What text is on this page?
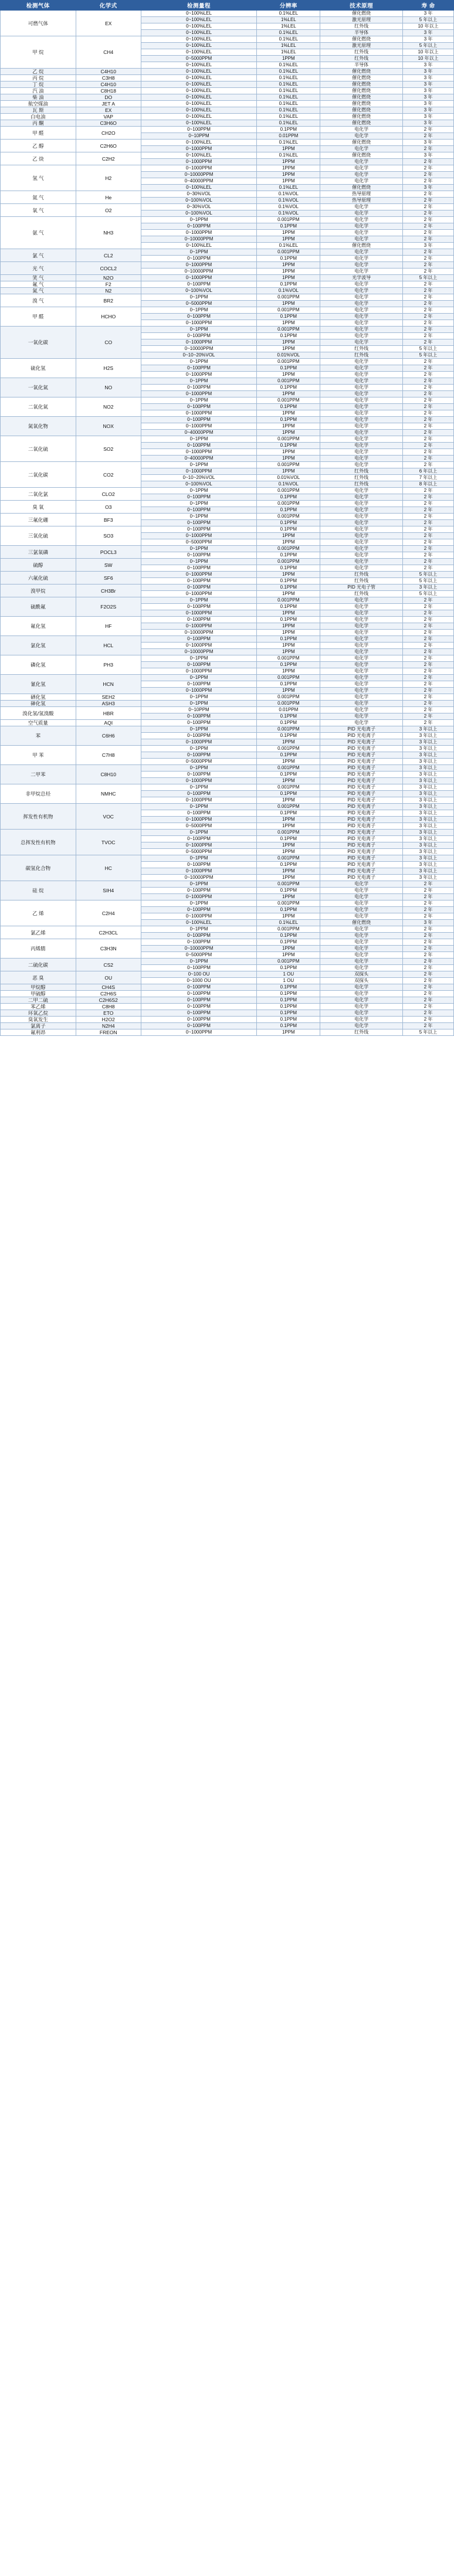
检测气体	化学式	检测量程	分辨率	技术原理	寿 命
可燃气体	EX	0~100%LEL	0.1%LEL	催化燃烧	3 年
		0~100%LEL	1%LEL	激光原理	5 年以上
		0~100%LEL	1%LEL	红外线	10 年以上
		0~100%LEL	0.1%LEL	半导体	3 年
甲 烷	CH4	0~100%LEL	0.1%LEL	催化燃烧	3 年
		0~100%LEL	1%LEL	激光原理	5 年以上
		0~100%LEL	1%LEL	红外线	10 年以上
		0~5000PPM	1PPM	红外线	10 年以上
		0~100%LEL	0.1%LEL	半导体	3 年
乙 烷	C4H10	0~100%LEL	0.1%LEL	催化燃烧	3 年
丙 烷	C3H8	0~100%LEL	0.1%LEL	催化燃烧	3 年
丁 烷	C4H10	0~100%LEL	0.1%LEL	催化燃烧	3 年
汽 油	C8H18	0~100%LEL	0.1%LEL	催化燃烧	3 年
柴 油	DO	0~100%LEL	0.1%LEL	催化燃烧	3 年
航空煤油	JET A	0~100%LEL	0.1%LEL	催化燃烧	3 年
瓦 斯	EX	0~100%LEL	0.1%LEL	催化燃烧	3 年
白电油	VAP	0~100%LEL	0.1%LEL	催化燃烧	3 年
丙 酮	C3H6O	0~100%LEL	0.1%LEL	催化燃烧	3 年
甲 醛	CH2O	0~100PPM	0.1PPM	电化学	2 年
		0~10PPM	0.01PPM	电化学	2 年
乙 醇	C2H6O	0~100%LEL	0.1%LEL	催化燃烧	3 年
		0~1000PPM	1PPM	电化学	2 年
乙 炔	C2H2	0~100%LEL	0.1%LEL	催化燃烧	3 年
		0~1000PPM	1PPM	电化学	2 年
氢 气	H2	0~1000PPM	1PPM	电化学	2 年
		0~10000PPM	1PPM	电化学	2 年
		0~40000PPM	1PPM	电化学	2 年
		0~100%LEL	0.1%LEL	催化燃烧	3 年
氦 气	He	0~30%VOL	0.1%VOL	热导原理	2 年
		0~100%VOL	0.1%VOL	热导原理	2 年
氧 气	O2	0~30%VOL	0.1%VOL	电化学	2 年
		0~100%VOL	0.1%VOL	电化学	2 年
氨 气	NH3	0~1PPM	0.001PPM	电化学	2 年
		0~100PPM	0.1PPM	电化学	2 年
		0~1000PPM	1PPM	电化学	2 年
		0~10000PPM	1PPM	电化学	2 年
		0~100%LEL	0.1%LEL	催化燃烧	3 年
氯 气	CL2	0~1PPM	0.001PPM	电化学	2 年
		0~100PPM	0.1PPM	电化学	2 年
光 气	COCL2	0~1000PPM	1PPM	电化学	2 年
		0~10000PPM	1PPM	电化学	2 年
笑 气	N2O	0~1000PPM	1PPM	光学波导	5 年以上
氟 气	F2	0~100PPM	0.1PPM	电化学	2 年
氮 气	N2	0~100%VOL	0.1%VOL	电化学	2 年
溴 气	BR2	0~1PPM	0.001PPM	电化学	2 年
		0~5000PPM	1PPM	电化学	2 年
甲 醛	HCHO	0~1PPM	0.001PPM	电化学	2 年
		0~100PPM	0.1PPM	电化学	2 年
		0~1000PPM	1PPM	电化学	2 年
一氧化碳	CO	0~1PPM	0.001PPM	电化学	2 年
		0~100PPM	0.1PPM	电化学	2 年
		0~1000PPM	1PPM	电化学	2 年
		0~10000PPM	1PPM	红外线	5 年以上
		0~10~20%VOL	0.01%VOL	红外线	5 年以上
硫化氢	H2S	0~1PPM	0.001PPM	电化学	2 年
		0~100PPM	0.1PPM	电化学	2 年
		0~1000PPM	1PPM	电化学	2 年
一氧化氮	NO	0~1PPM	0.001PPM	电化学	2 年
		0~100PPM	0.1PPM	电化学	2 年
		0~1000PPM	1PPM	电化学	2 年
二氧化氮	NO2	0~1PPM	0.001PPM	电化学	2 年
		0~100PPM	0.1PPM	电化学	2 年
		0~1000PPM	1PPM	电化学	2 年
氮氧化物	NOX	0~100PPM	0.1PPM	电化学	2 年
		0~1000PPM	1PPM	电化学	2 年
		0~40000PPM	1PPM	电化学	2 年
二氧化硫	SO2	0~1PPM	0.001PPM	电化学	2 年
		0~100PPM	0.1PPM	电化学	2 年
		0~1000PPM	1PPM	电化学	2 年
		0~40000PPM	1PPM	电化学	2 年
二氧化碳	CO2	0~1PPM	0.001PPM	电化学	2 年
		0~1000PPM	1PPM	红外线	6 年以上
		0~10~20%VOL	0.01%VOL	红外线	7 年以上
		0~100%VOL	0.1%VOL	红外线	8 年以上
二氧化氯	CLO2	0~1PPM	0.001PPM	电化学	2 年
		0~100PPM	0.1PPM	电化学	2 年
臭 氧	O3	0~1PPM	0.001PPM	电化学	2 年
		0~100PPM	0.1PPM	电化学	2 年
三氟化硼	BF3	0~1PPM	0.001PPM	电化学	2 年
		0~100PPM	0.1PPM	电化学	2 年
三氧化硫	SO3	0~100PPM	0.1PPM	电化学	2 年
		0~1000PPM	1PPM	电化学	2 年
		0~5000PPM	1PPM	电化学	2 年
三氯氧磷	POCL3	0~1PPM	0.001PPM	电化学	2 年
		0~100PPM	0.1PPM	电化学	2 年
硫醇	SW	0~1PPM	0.001PPM	电化学	2 年
		0~100PPM	0.1PPM	电化学	2 年
六氟化硫	SF6	0~1000PPM	1PPM	红外线	5 年以上
		0~100PPM	0.1PPM	红外线	5 年以上
溴甲烷	CH3Br	0~100PPM	0.1PPM	PID 光电子管	3 年以上
		0~1000PPM	1PPM	红外线	5 年以上
硫酰氟	F2O2S	0~1PPM	0.001PPM	电化学	2 年
		0~100PPM	0.1PPM	电化学	2 年
		0~1000PPM	1PPM	电化学	2 年
氟化氢	HF	0~100PPM	0.1PPM	电化学	2 年
		0~1000PPM	1PPM	电化学	2 年
		0~10000PPM	1PPM	电化学	2 年
氯化氢	HCL	0~100PPM	0.1PPM	电化学	2 年
		0~1000PPM	1PPM	电化学	2 年
		0~10000PPM	1PPM	电化学	2 年
磷化氢	PH3	0~1PPM	0.001PPM	电化学	2 年
		0~100PPM	0.1PPM	电化学	2 年
		0~1000PPM	1PPM	电化学	2 年
氰化氢	HCN	0~1PPM	0.001PPM	电化学	2 年
		0~100PPM	0.1PPM	电化学	2 年
		0~1000PPM	1PPM	电化学	2 年
硒化氢	SEH2	0~1PPM	0.001PPM	电化学	2 年
砷化氢	ASH3	0~1PPM	0.001PPM	电化学	2 年
溴化氢/氢溴酸	HBR	0~10PPM	0.01PPM	电化学	2 年
		0~100PPM	0.1PPM	电化学	2 年
空气质量	AQI	0~100PPM	0.1PPM	电化学	2 年
苯	C6H6	0~1PPM	0.001PPM	PID 光电离子	3 年以上
		0~100PPM	0.1PPM	PID 光电离子	3 年以上
		0~1000PPM	1PPM	PID 光电离子	3 年以上
甲 苯	C7H8	0~1PPM	0.001PPM	PID 光电离子	3 年以上
		0~100PPM	0.1PPM	PID 光电离子	3 年以上
		0~5000PPM	1PPM	PID 光电离子	3 年以上
二甲苯	C8H10	0~1PPM	0.001PPM	PID 光电离子	3 年以上
		0~100PPM	0.1PPM	PID 光电离子	3 年以上
		0~1000PPM	1PPM	PID 光电离子	3 年以上
非甲烷总烃	NMHC	0~1PPM	0.001PPM	PID 光电离子	3 年以上
		0~100PPM	0.1PPM	PID 光电离子	3 年以上
		0~1000PPM	1PPM	PID 光电离子	3 年以上
挥发性有机物	VOC	0~1PPM	0.001PPM	PID 光电离子	3 年以上
		0~100PPM	0.1PPM	PID 光电离子	3 年以上
		0~1000PPM	1PPM	PID 光电离子	3 年以上
		0~5000PPM	1PPM	PID 光电离子	3 年以上
总挥发性有机物	TVOC	0~1PPM	0.001PPM	PID 光电离子	3 年以上
		0~100PPM	0.1PPM	PID 光电离子	3 年以上
		0~1000PPM	1PPM	PID 光电离子	3 年以上
		0~5000PPM	1PPM	PID 光电离子	3 年以上
碳氢化合物	HC	0~1PPM	0.001PPM	PID 光电离子	3 年以上
		0~100PPM	0.1PPM	PID 光电离子	3 年以上
		0~1000PPM	1PPM	PID 光电离子	3 年以上
		0~10000PPM	1PPM	PID 光电离子	3 年以上
硅 烷	SIH4	0~1PPM	0.001PPM	电化学	2 年
		0~100PPM	0.1PPM	电化学	2 年
		0~1000PPM	1PPM	电化学	2 年
乙 烯	C2H4	0~1PPM	0.001PPM	电化学	2 年
		0~100PPM	0.1PPM	电化学	2 年
		0~1000PPM	1PPM	电化学	2 年
		0~100%LEL	0.1%LEL	催化燃烧	3 年
氯乙烯	C2H3CL	0~1PPM	0.001PPM	电化学	2 年
		0~100PPM	0.1PPM	电化学	2 年
丙烯腈	C3H3N	0~100PPM	0.1PPM	电化学	2 年
		0~10000PPM	1PPM	电化学	2 年
		0~5000PPM	1PPM	电化学	2 年
二硫化碳	CS2	0~1PPM	0.001PPM	电化学	2 年
		0~100PPM	0.1PPM	电化学	2 年
恶 臭	OU	0~100 OU	1 OU	双探头	2 年
		0~1000 OU	1 OU	双探头	2 年
甲烷醇	CH4S	0~100PPM	0.1PPM	电化学	2 年
甲硫醇	C2H6S	0~100PPM	0.1PPM	电化学	2 年
二甲二硫	C2H6S2	0~100PPM	0.1PPM	电化学	2 年
苯乙烯	C8H8	0~100PPM	0.1PPM	电化学	2 年
环氧乙烷	ETO	0~100PPM	0.1PPM	电化学	2 年
臭氧发生	H2O2	0~100PPM	0.1PPM	电化学	2 年
氯离子	N2H4	0~100PPM	0.1PPM	电化学	2 年
氟利昂	FREON	0~1000PPM	1PPM	红外线	5 年以上
